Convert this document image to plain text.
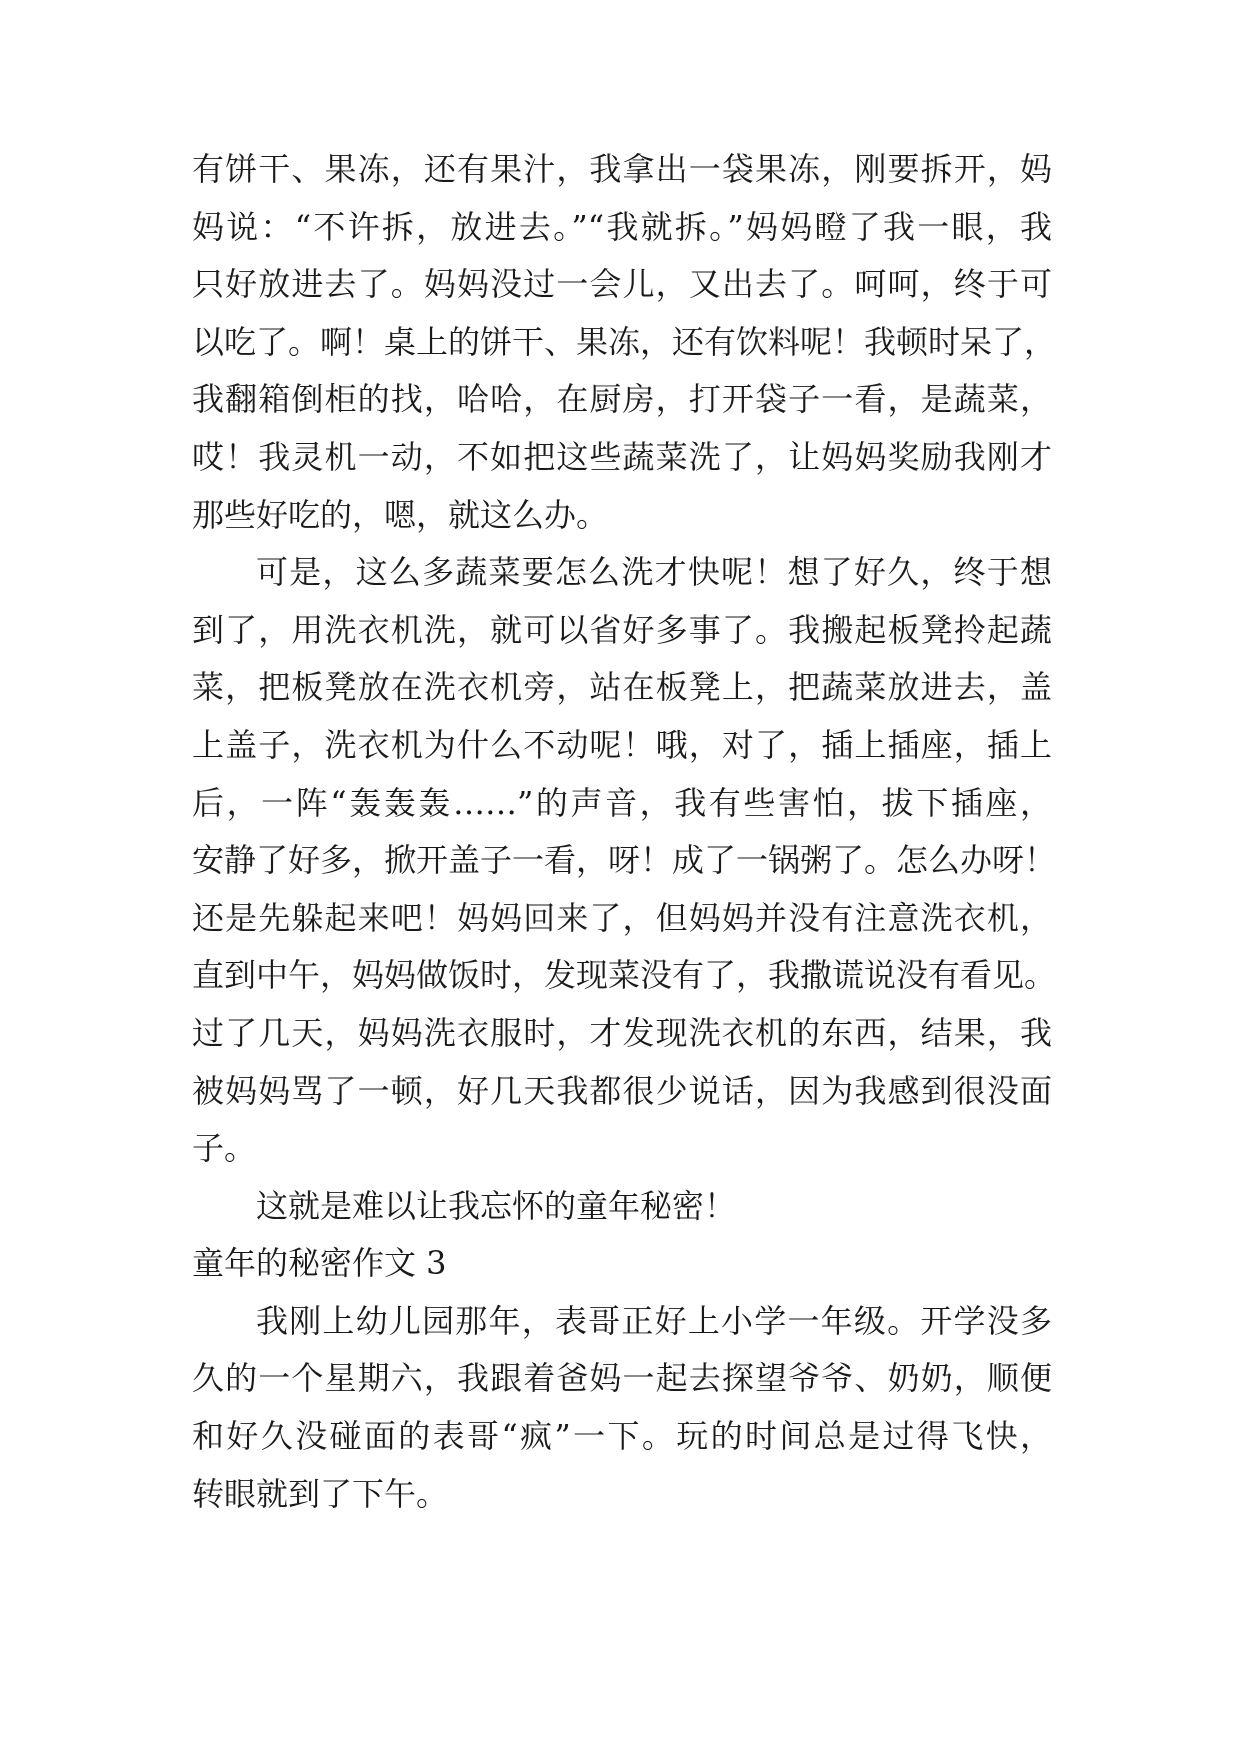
有饼干、果冻，还有果汁，我拿出一袋果冻，刚要拆开，妈
妈说：“不许拆，放进去。”“我就拆。”妈妈瞪了我一眼，我
只好放进去了。妈妈没过一会儿，又出去了。呵呵，终于可
以吃了。啊！桌上的饼干、果冻，还有饮料呢！我顿时呆了，
我翻箱倒柜的找，哈哈，在厨房，打开袋子一看，是蔬菜，
哎！我灵机一动，不如把这些蔬菜洗了，让妈妈奖励我刚才
那些好吃的，嗯，就这么办。
可是，这么多蔬菜要怎么洗才快呢！想了好久，终于想
到了，用洗衣机洗，就可以省好多事了。我搬起板凳拎起蔬
菜，把板凳放在洗衣机旁，站在板凳上，把蔬菜放进去，盖
上盖子，洗衣机为什么不动呢！哦，对了，插上插座，插上
后，一阵“轰轰轰……”的声音，我有些害怕，拔下插座，
安静了好多，掀开盖子一看，呀！成了一锅粥了。怎么办呀！
还是先躲起来吧！妈妈回来了，但妈妈并没有注意洗衣机，
直到中午，妈妈做饭时，发现菜没有了，我撒谎说没有看见。
过了几天，妈妈洗衣服时，才发现洗衣机的东西，结果，我
被妈妈骂了一顿，好几天我都很少说话，因为我感到很没面
子。
这就是难以让我忘怀的童年秘密！
童年的秘密作文 3
我刚上幼儿园那年，表哥正好上小学一年级。开学没多
久的一个星期六，我跟着爸妈一起去探望爷爷、奶奶，顺便
和好久没碰面的表哥“疯”一下。玩的时间总是过得飞快，
转眼就到了下午。
